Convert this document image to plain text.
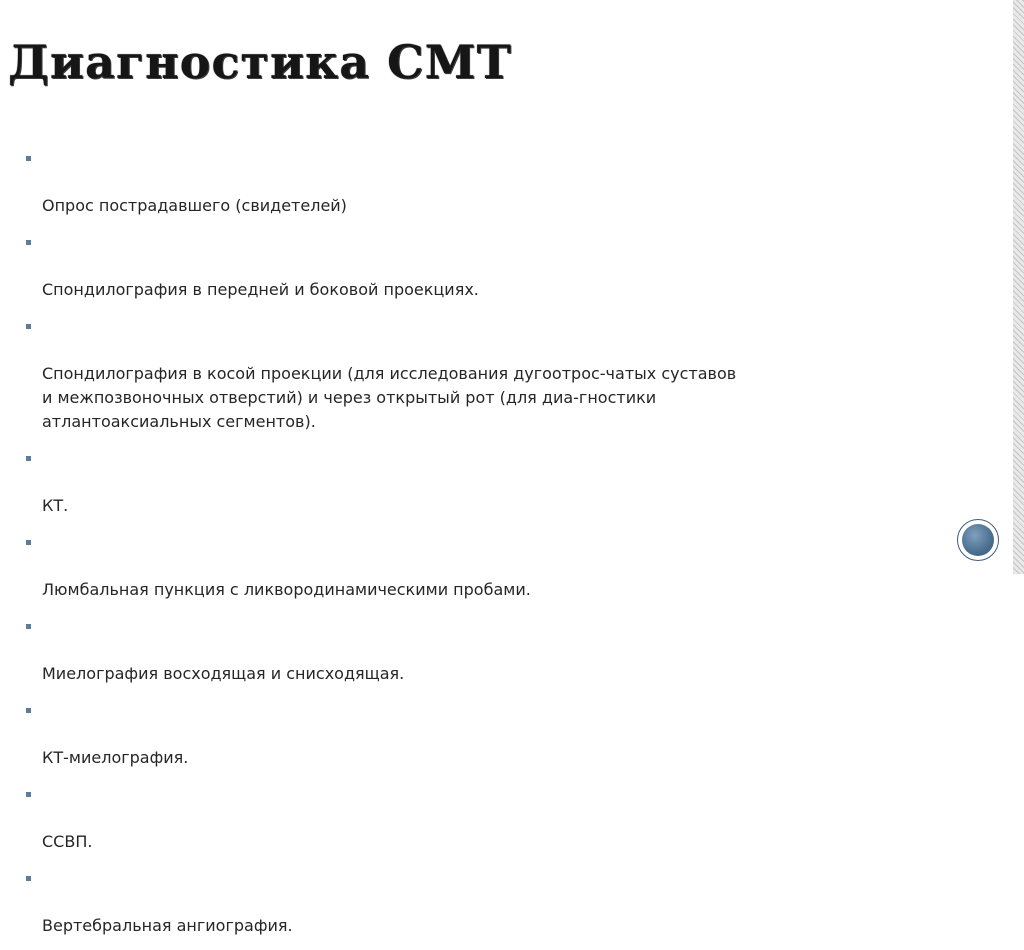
Диагностика СМТ

Опрос пострадавшего (свидетелей)

Спондилография в передней и боковой проекциях.

Спондилография в косой проекции (для исследования дугоотрос-чатых суставов
и межпозвоночных отверстий) и через открытый рот (для диа-гностики
атлантоаксиальных сегментов).

КТ.

Люмбальная пункция с ликвородинамическими пробами.

Миелография восходящая и снисходящая.

КТ-миелография.

ССВП.

Вертебральная ангиография.
